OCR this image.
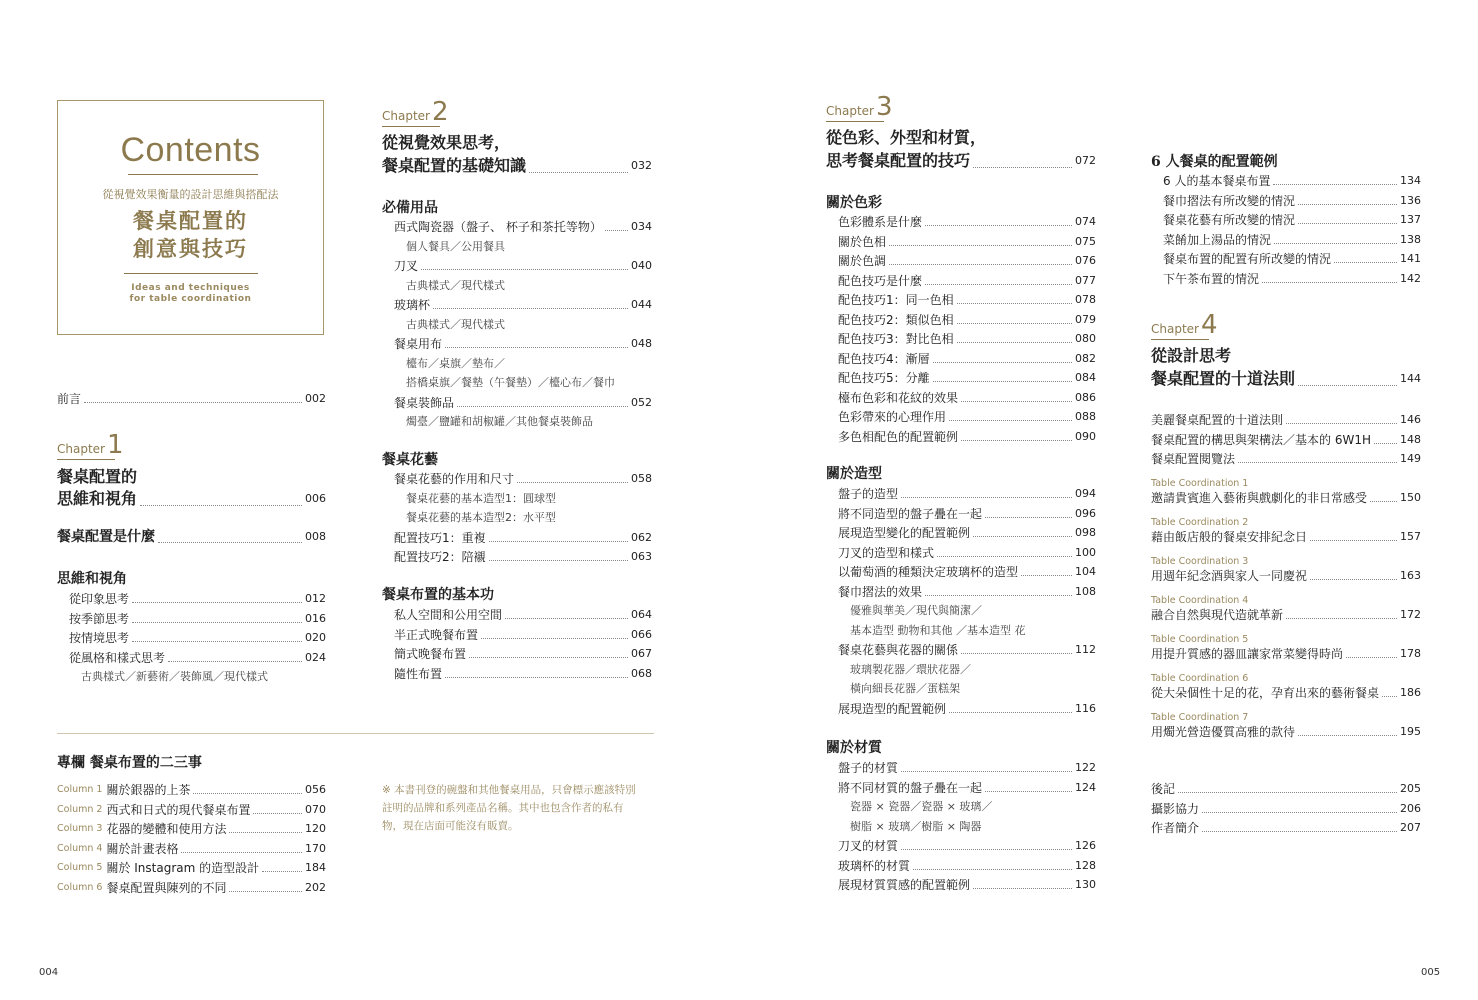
Contents
從視覺效果衡量的設計思維與搭配法
餐桌配置的
創意與技巧
Ideas and techniques
for table coordination
前言	002
Chapter1
餐桌配置的
思維和視角	006
餐桌配置是什麼	008
思維和視角
從印象思考	012
按季節思考	016
按情境思考	020
從風格和樣式思考	024
古典樣式／新藝術／裝飾風／現代樣式
Chapter2
從視覺效果思考，
餐桌配置的基礎知識	032
必備用品
西式陶瓷器（盤子、 杯子和茶托等物）	034
個人餐具／公用餐具
刀叉	040
古典樣式／現代樣式
玻璃杯	044
古典樣式／現代樣式
餐桌用布	048
檯布／桌旗／墊布／
搭橋桌旗／餐墊（午餐墊）／檯心布／餐巾
餐桌裝飾品	052
燭臺／鹽罐和胡椒罐／其他餐桌裝飾品
餐桌花藝
餐桌花藝的作用和尺寸	058
餐桌花藝的基本造型1：圓球型
餐桌花藝的基本造型2：水平型
配置技巧1：重複	062
配置技巧2：陪襯	063
餐桌布置的基本功
私人空間和公用空間	064
半正式晚餐布置	066
簡式晚餐布置	067
隨性布置	068
專欄 餐桌布置的二三事
Column 1 關於銀器的上茶	056
Column 2 西式和日式的現代餐桌布置	070
Column 3 花器的變體和使用方法	120
Column 4 關於計畫表格	170
Column 5 關於 Instagram 的造型設計	184
Column 6 餐桌配置與陳列的不同	202
※ 本書刊登的碗盤和其他餐桌用品，只會標示應該特別
註明的品牌和系列產品名稱。其中也包含作者的私有
物，現在店面可能沒有販賣。
Chapter3
從色彩、外型和材質，
思考餐桌配置的技巧	072
關於色彩
色彩體系是什麼	074
關於色相	075
關於色調	076
配色技巧是什麼	077
配色技巧1：同一色相	078
配色技巧2：類似色相	079
配色技巧3：對比色相	080
配色技巧4：漸層	082
配色技巧5：分離	084
檯布色彩和花紋的效果	086
色彩帶來的心理作用	088
多色相配色的配置範例	090
關於造型
盤子的造型	094
將不同造型的盤子疊在一起	096
展現造型變化的配置範例	098
刀叉的造型和樣式	100
以葡萄酒的種類決定玻璃杯的造型	104
餐巾摺法的效果	108
優雅與華美／現代與簡潔／
基本造型 動物和其他 ／基本造型 花
餐桌花藝與花器的關係	112
玻璃製花器／環狀花器／
橫向細長花器／蛋糕架
展現造型的配置範例	116
關於材質
盤子的材質	122
將不同材質的盤子疊在一起	124
瓷器 × 瓷器／瓷器 × 玻璃／
樹脂 × 玻璃／樹脂 × 陶器
刀叉的材質	126
玻璃杯的材質	128
展現材質質感的配置範例	130
6 人餐桌的配置範例
6 人的基本餐桌布置	134
餐巾摺法有所改變的情況	136
餐桌花藝有所改變的情況	137
菜餚加上湯品的情況	138
餐桌布置的配置有所改變的情況	141
下午茶布置的情況	142
Chapter4
從設計思考
餐桌配置的十道法則	144
美麗餐桌配置的十道法則	146
餐桌配置的構思與架構法／基本的 6W1H	148
餐桌配置閱覽法	149
Table Coordination 1
邀請貴賓進入藝術與戲劇化的非日常感受	150
Table Coordination 2
藉由飯店般的餐桌安排紀念日	157
Table Coordination 3
用週年紀念酒與家人一同慶祝	163
Table Coordination 4
融合自然與現代造就革新	172
Table Coordination 5
用提升質感的器皿讓家常菜變得時尚	178
Table Coordination 6
從大朵個性十足的花，孕育出來的藝術餐桌 186
Table Coordination 7
用燭光營造優質高雅的款待	195
後記	205
攝影協力	206
作者簡介	207
004	005
